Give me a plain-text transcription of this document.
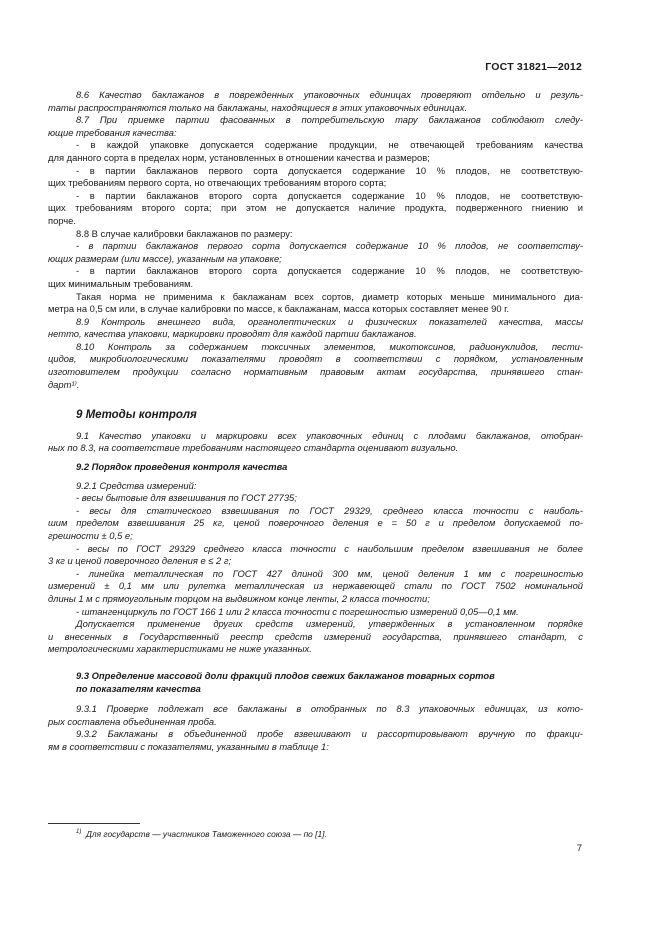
ГОСТ 31821—2012
8.6 Качество баклажанов в поврежденных упаковочных единицах проверяют отдельно и резуль-
таты распространяются только на баклажаны, находящиеся в этих упаковочных единицах.
8.7 При приемке партии фасованных в потребительскую тару баклажанов соблюдают следу-
ющие требования качества:
- в каждой упаковке допускается содержание продукции, не отвечающей требованиям качества
для данного сорта в пределах норм, установленных в отношении качества и размеров;
- в партии баклажанов первого сорта допускается содержание 10 % плодов, не соответствую-
щих требованиям первого сорта, но отвечающих требованиям второго сорта;
- в партии баклажанов второго сорта допускается содержание 10 % плодов, не соответствую-
щих требованиям второго сорта; при этом не допускается наличие продукта, подверженного гниению и
порче.
8.8 В случае калибровки баклажанов по размеру:
- в партии баклажанов первого сорта допускается содержание 10 % плодов, не соответству-
ющих размерам (или массе), указанным на упаковке;
- в партии баклажанов второго сорта допускается содержание 10 % плодов, не соответствую-
щих минимальным требованиям.
Такая норма не применима к баклажанам всех сортов, диаметр которых меньше минимального диа-
метра на 0,5 см или, в случае калибровки по массе, к баклажанам, масса которых составляет менее 90 г.
8.9 Контроль внешнего вида, органолептических и физических показателей качества, массы
нетто, качества упаковки, маркировки проводят для каждой партии баклажанов.
8.10 Контроль за содержанием токсичных элементов, микотоксинов, радионуклидов, пести-
цидов, микробиологическими показателями проводят в соответствии с порядком, установленным
изготовителем продукции согласно нормативным правовым актам государства, принявшего стан-
дарт¹⁾.
9 Методы контроля
9.1 Качество упаковки и маркировки всех упаковочных единиц с плодами баклажанов, отобран-
ных по 8.3, на соответствие требованиям настоящего стандарта оценивают визуально.
9.2 Порядок проведения контроля качества
9.2.1 Средства измерений:
- весы бытовые для взвешивания по ГОСТ 27735;
- весы для статического взвешивания по ГОСТ 29329, среднего класса точности с наиболь-
шим пределом взвешивания 25 кг, ценой поверочного деления е = 50 г и пределом допускаемой по-
грешности ± 0,5 е;
- весы по ГОСТ 29329 среднего класса точности с наибольшим пределом взвешивания не более
3 кг и ценой поверочного деления е ≤ 2 г;
- линейка металлическая по ГОСТ 427 длиной 300 мм, ценой деления 1 мм с погрешностью
измерений ± 0,1 мм или рулетка металлическая из нержавеющей стали по ГОСТ 7502 номинальной
длины 1 м с прямоугольным торцом на выдвижном конце ленты, 2 класса точности;
- штангенциркуль по ГОСТ 166 1 или 2 класса точности с погрешностью измерений 0,05—0,1 мм.
Допускается применение других средств измерений, утвержденных в установленном порядке
и внесенных в Государственный реестр средств измерений государства, принявшего стандарт, с
метрологическими характеристиками не ниже указанных.
9.3 Определение массовой доли фракций плодов свежих баклажанов товарных сортов
по показателям качества
9.3.1 Проверке подлежат все баклажаны в отобранных по 8.3 упаковочных единицах, из кото-
рых составлена объединенная проба.
9.3.2 Баклажаны в объединенной пробе взвешивают и рассортировывают вручную по фракци-
ям в соответствии с показателями, указанными в таблице 1:
$^{1)}$ Для государств — участников Таможенного союза — по [1].
7
